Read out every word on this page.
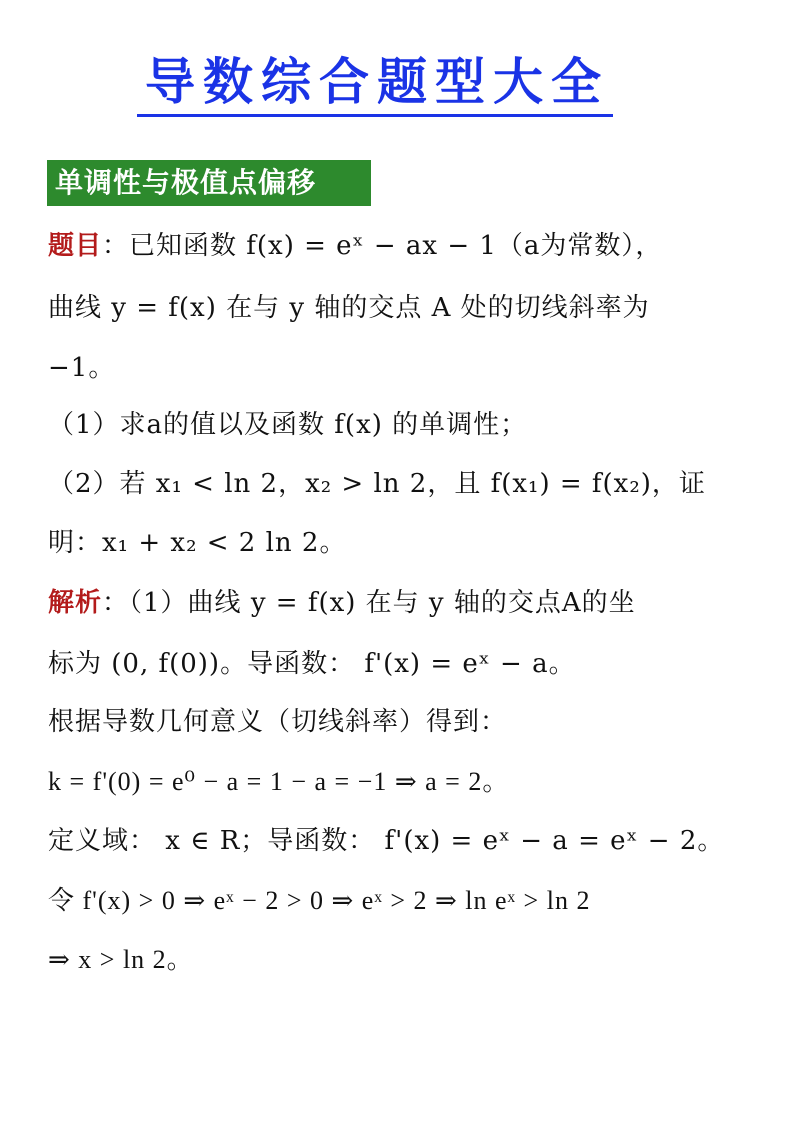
导数综合题型大全
单调性与极值点偏移
题目：已知函数 f(x) = eˣ − ax − 1（a为常数），
曲线 y = f(x) 在与 y 轴的交点 A 处的切线斜率为
−1。
（1）求a的值以及函数 f(x) 的单调性；
（2）若 x₁ < ln 2，x₂ > ln 2，且 f(x₁) = f(x₂)，证
明：x₁ + x₂ < 2 ln 2。
解析：（1）曲线 y = f(x) 在与 y 轴的交点A的坐
标为 (0, f(0))。导函数： f'(x) = eˣ − a。
根据导数几何意义（切线斜率）得到：
k = f'(0) = e⁰ − a = 1 − a = −1 ⇒ a = 2。
定义域： x ∈ R；导函数： f'(x) = eˣ − a = eˣ − 2。
令 f'(x) > 0 ⇒ eˣ − 2 > 0 ⇒ eˣ > 2 ⇒ ln eˣ > ln 2
⇒ x > ln 2。
